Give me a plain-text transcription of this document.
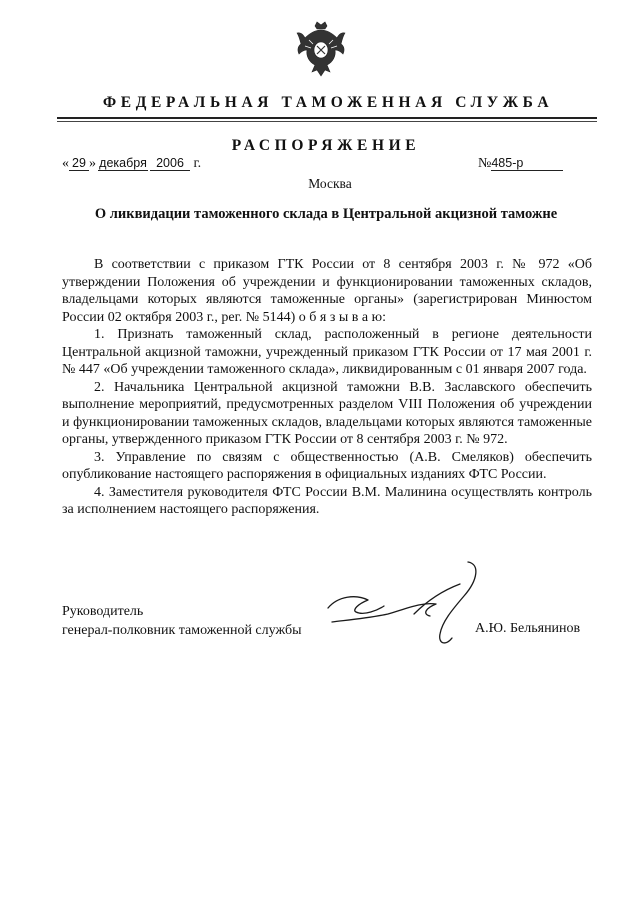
ФЕДЕРАЛЬНАЯ ТАМОЖЕННАЯ СЛУЖБА
РАСПОРЯЖЕНИЕ
« 29 » декабря 2006 г.	№485-р
Москва
О ликвидации таможенного склада в Центральной акцизной таможне

В соответствии с приказом ГТК России от 8 сентября 2003 г. № 972 «Об утверждении Положения об учреждении и функционировании таможенных складов, владельцами которых являются таможенные органы» (зарегистрирован Минюстом России 02 октября 2003 г., рег. № 5144) о б я з ы в а ю:

1. Признать таможенный склад, расположенный в регионе деятельности Центральной акцизной таможни, учрежденный приказом ГТК России от 17 мая 2001 г. № 447 «Об учреждении таможенного склада», ликвидированным с 01 января 2007 года.

2. Начальника Центральной акцизной таможни В.В. Заславского обеспечить выполнение мероприятий, предусмотренных разделом VIII Положения об учреждении и функционировании таможенных складов, владельцами которых являются таможенные органы, утвержденного приказом ГТК России от 8 сентября 2003 г. № 972.

3. Управление по связям с общественностью (А.В. Смеляков) обеспечить опубликование настоящего распоряжения в официальных изданиях ФТС России.

4. Заместителя руководителя ФТС России В.М. Малинина осуществлять контроль за исполнением настоящего распоряжения.

Руководитель
генерал-полковник таможенной службы	А.Ю. Бельянинов
